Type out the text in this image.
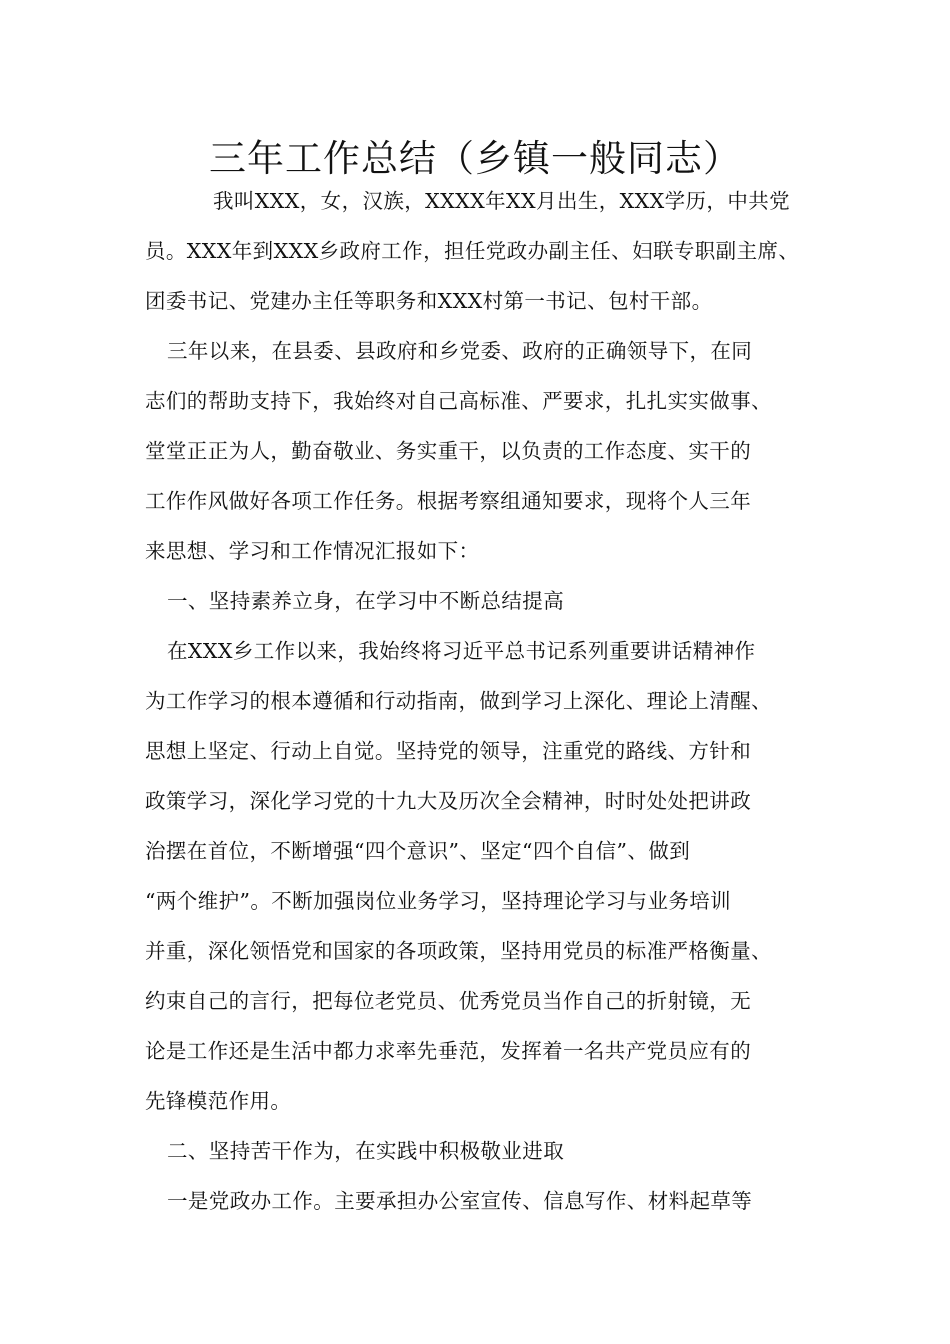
三年工作总结（乡镇一般同志）
我叫XXX，女，汉族，XXXX年XX月出生，XXX学历，中共党
员。XXX年到XXX乡政府工作，担任党政办副主任、妇联专职副主席、
团委书记、党建办主任等职务和XXX村第一书记、包村干部。
三年以来，在县委、县政府和乡党委、政府的正确领导下，在同
志们的帮助支持下，我始终对自己高标准、严要求，扎扎实实做事、
堂堂正正为人，勤奋敬业、务实重干，以负责的工作态度、实干的
工作作风做好各项工作任务。根据考察组通知要求，现将个人三年
来思想、学习和工作情况汇报如下：
一、坚持素养立身，在学习中不断总结提高
在XXX乡工作以来，我始终将习近平总书记系列重要讲话精神作
为工作学习的根本遵循和行动指南，做到学习上深化、理论上清醒、
思想上坚定、行动上自觉。坚持党的领导，注重党的路线、方针和
政策学习，深化学习党的十九大及历次全会精神，时时处处把讲政
治摆在首位，不断增强“四个意识”、坚定“四个自信”、做到
“两个维护”。不断加强岗位业务学习，坚持理论学习与业务培训
并重，深化领悟党和国家的各项政策，坚持用党员的标准严格衡量、
约束自己的言行，把每位老党员、优秀党员当作自己的折射镜，无
论是工作还是生活中都力求率先垂范，发挥着一名共产党员应有的
先锋模范作用。
二、坚持苦干作为，在实践中积极敬业进取
一是党政办工作。主要承担办公室宣传、信息写作、材料起草等
